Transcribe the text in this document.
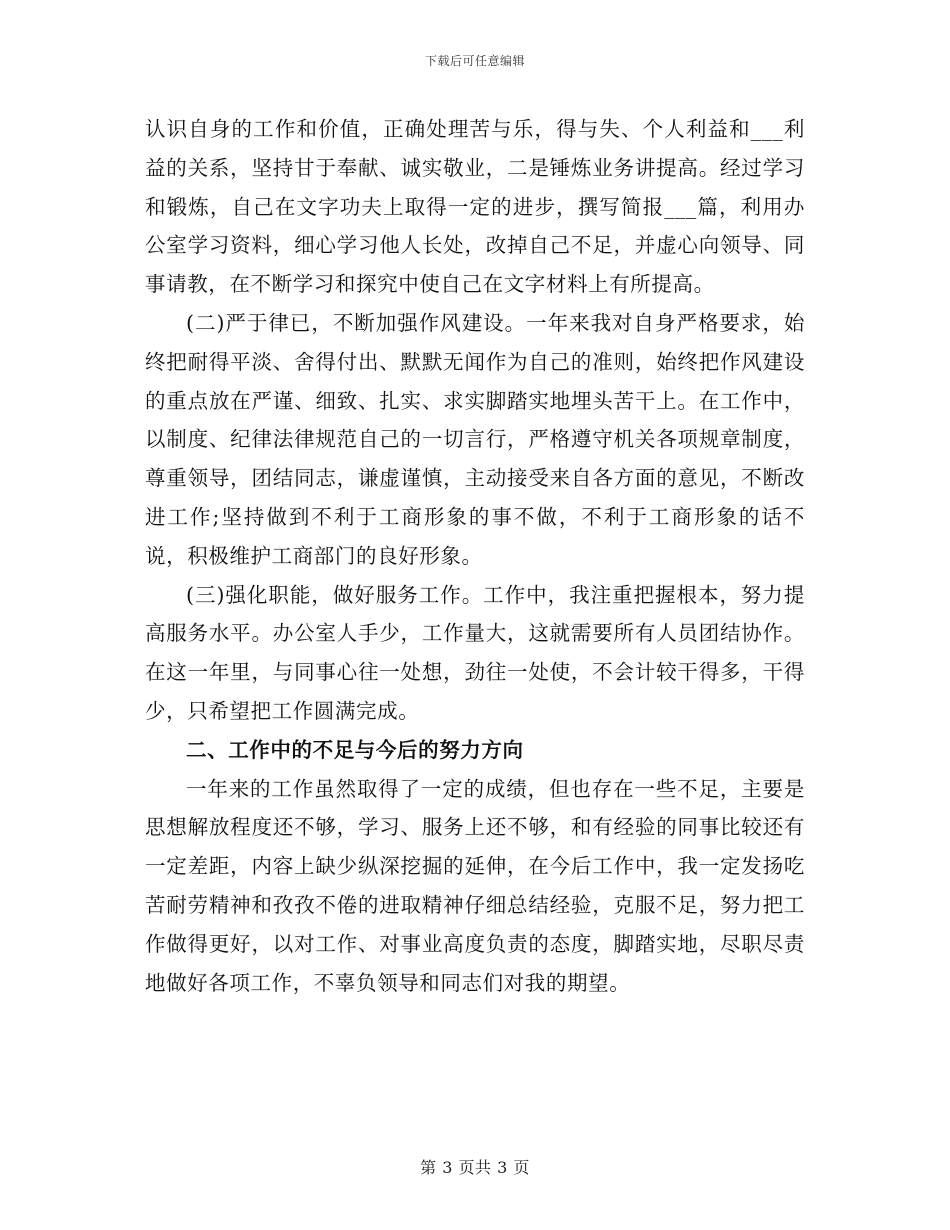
下载后可任意编辑

认识自身的工作和价值，正确处理苦与乐，得与失、个人利益和___利益的关系，坚持甘于奉献、诚实敬业，二是锤炼业务讲提高。经过学习和锻炼，自己在文字功夫上取得一定的进步，撰写简报___篇，利用办公室学习资料，细心学习他人长处，改掉自己不足，并虚心向领导、同事请教，在不断学习和探究中使自己在文字材料上有所提高。

(二)严于律已，不断加强作风建设。一年来我对自身严格要求，始终把耐得平淡、舍得付出、默默无闻作为自己的准则，始终把作风建设的重点放在严谨、细致、扎实、求实脚踏实地埋头苦干上。在工作中，以制度、纪律法律规范自己的一切言行，严格遵守机关各项规章制度，尊重领导，团结同志，谦虚谨慎，主动接受来自各方面的意见，不断改进工作;坚持做到不利于工商形象的事不做，不利于工商形象的话不说，积极维护工商部门的良好形象。

(三)强化职能，做好服务工作。工作中，我注重把握根本，努力提高服务水平。办公室人手少，工作量大，这就需要所有人员团结协作。在这一年里，与同事心往一处想，劲往一处使，不会计较干得多，干得少，只希望把工作圆满完成。

二、工作中的不足与今后的努力方向

一年来的工作虽然取得了一定的成绩，但也存在一些不足，主要是思想解放程度还不够，学习、服务上还不够，和有经验的同事比较还有一定差距，内容上缺少纵深挖掘的延伸，在今后工作中，我一定发扬吃苦耐劳精神和孜孜不倦的进取精神仔细总结经验，克服不足，努力把工作做得更好，以对工作、对事业高度负责的态度，脚踏实地，尽职尽责地做好各项工作，不辜负领导和同志们对我的期望。

第 3 页共 3 页
